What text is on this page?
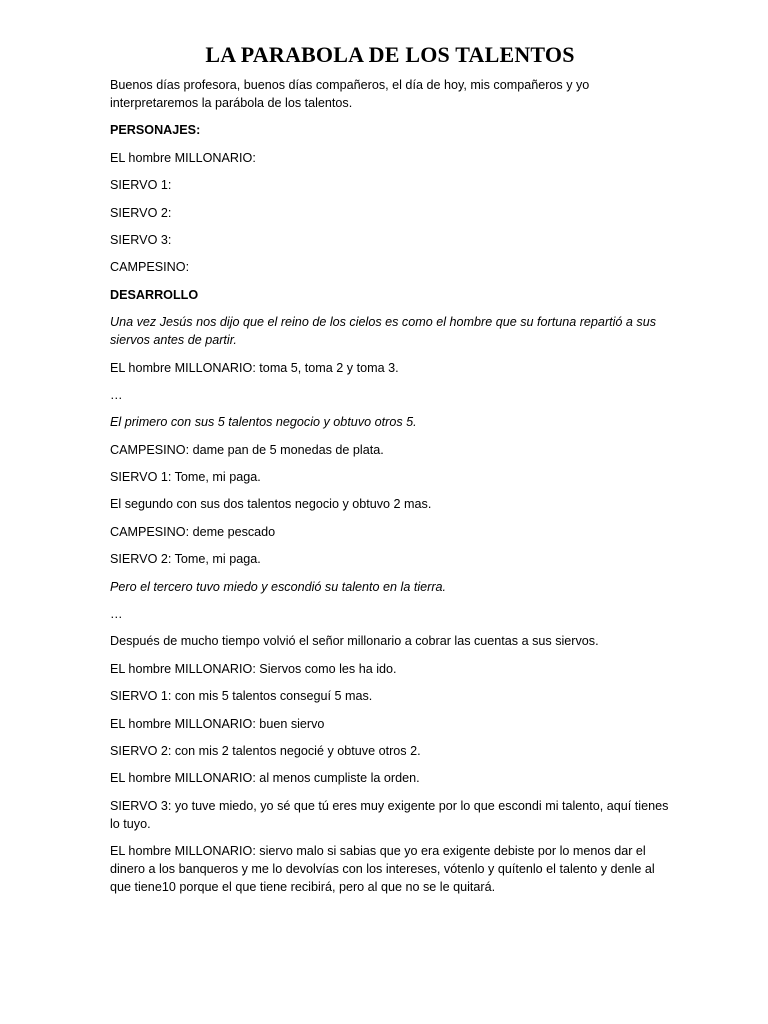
LA PARABOLA DE LOS TALENTOS

Buenos días profesora, buenos días compañeros, el día de hoy, mis compañeros y yo interpretaremos la parábola de los talentos.

PERSONAJES:

EL hombre MILLONARIO:

SIERVO 1:

SIERVO 2:

SIERVO 3:

CAMPESINO:

DESARROLLO

Una vez Jesús nos dijo que el reino de los cielos es como el hombre que su fortuna repartió a sus siervos antes de partir.

EL hombre MILLONARIO: toma 5, toma 2 y toma 3.

…

El primero con sus 5 talentos negocio y obtuvo otros 5.

CAMPESINO: dame pan de 5 monedas de plata.

SIERVO 1: Tome, mi paga.

El segundo con sus dos talentos negocio y obtuvo 2 mas.

CAMPESINO: deme pescado

SIERVO 2: Tome, mi paga.

Pero el tercero tuvo miedo y escondió su talento en la tierra.

…

Después de mucho tiempo volvió el señor millonario a cobrar las cuentas a sus siervos.

EL hombre MILLONARIO: Siervos como les ha ido.

SIERVO 1: con mis 5 talentos conseguí 5 mas.

EL hombre MILLONARIO: buen siervo

SIERVO 2: con mis 2 talentos negocié y obtuve otros 2.

EL hombre MILLONARIO: al menos cumpliste la orden.

SIERVO 3: yo tuve miedo, yo sé que tú eres muy exigente por lo que escondi mi talento, aquí tienes lo tuyo.

EL hombre MILLONARIO: siervo malo si sabias que yo era exigente debiste por lo menos dar el dinero a los banqueros y me lo devolvías con los intereses, vótenlo y quítenlo el talento y denle al que tiene10 porque el que tiene recibirá, pero al que no se le quitará.
